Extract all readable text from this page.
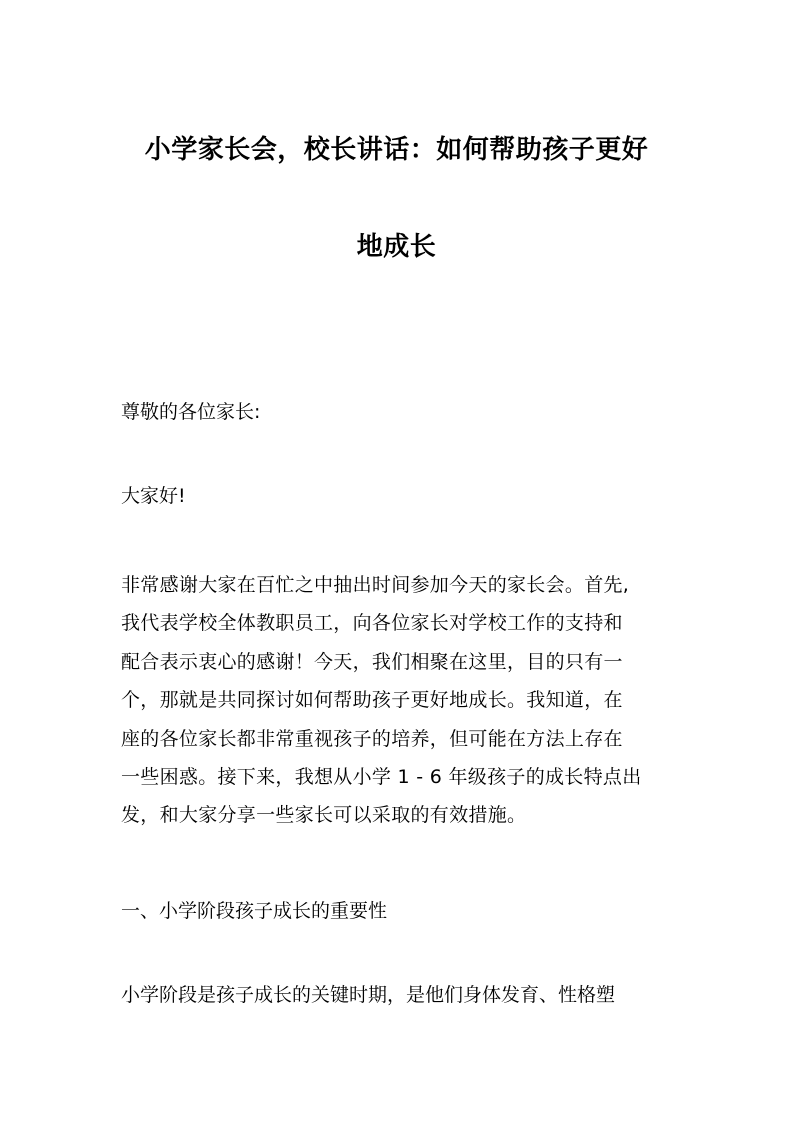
小学家长会，校长讲话：如何帮助孩子更好
地成长

尊敬的各位家长:

大家好!

非常感谢大家在百忙之中抽出时间参加今天的家长会。首先,
我代表学校全体教职员工，向各位家长对学校工作的支持和
配合表示衷心的感谢！今天，我们相聚在这里，目的只有一
个，那就是共同探讨如何帮助孩子更好地成长。我知道，在
座的各位家长都非常重视孩子的培养，但可能在方法上存在
一些困惑。接下来，我想从小学 1 - 6 年级孩子的成长特点出
发，和大家分享一些家长可以采取的有效措施。

一、小学阶段孩子成长的重要性

小学阶段是孩子成长的关键时期，是他们身体发育、性格塑
